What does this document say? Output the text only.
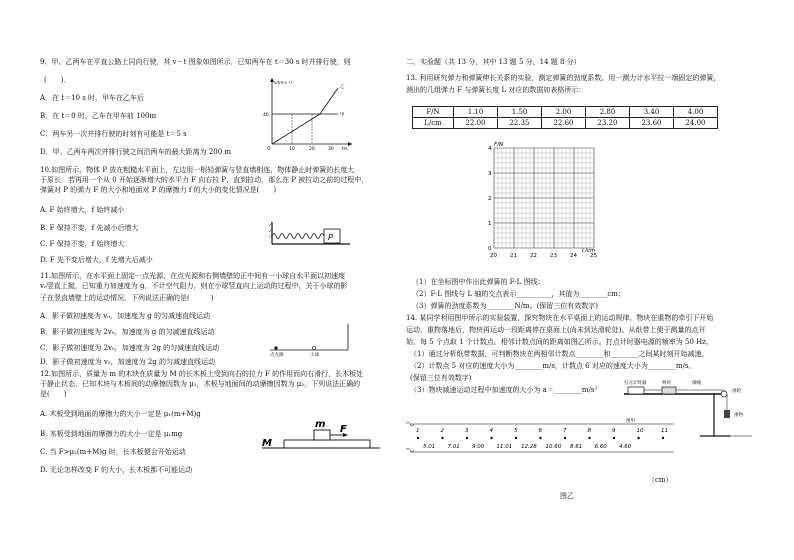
9、甲、乙两车在平直公路上同向行驶，其 v－t 图象如图所示．已知两车在 t＝30 s 时并排行驶，则
(　　)．
A．在 t＝10 s 时，甲车在乙车后
B．在 t＝0 时，乙车在甲车前 100m
C．两车另一次并排行驶的时刻有可能是 t＝5 s
D．甲、乙两车两次并排行驶之间沿两车的最大距离为 200 m
v/(m·s⁻¹)
t/s
40
10	20	30
O
乙
甲
10.如图所示，物体 P 放在粗糙水平面上，左边用一根轻弹簧与竖直墙相连，物体静止时弹簧的长度大
于原长．若再用一个从 0 开始逐渐增大的水平力 F 向右拉 P，直到拉动，那么在 P 被拉动之前的过程中，
弹簧对 P 的弹力 F 的大小和地面对 P 的摩擦力 f 的大小的变化情况是(　　)
A. F 始终增大，f 始终减小
B. F 保持不变，f 先减小后增大
C. F 保持不变，f 始终增大
D. F 先不变后增大，f 先增大后减小
P
11.如图所示，在水平面上固定一点光源，在点光源和右侧墙壁的正中间有一小球自水平面以初速度
v₀竖直上抛，已知重力加速度为 g，不计空气阻力，则在小球竖直向上运动的过程中，关于小球的影
子在竖直墙壁上的运动情况，下列说法正确的是(　　　)
A．影子做初速度为 v₀，加速度为 g 的匀减速直线运动
B．影子做初速度为 2v₀，加速度为 g 的匀减速直线运动
C．影子做初速度为 2v₀，加速度为 2g 的匀减速直线运动
D．影子做初速度为 v₀，加速度为 2g 的匀减速直线运动
点光源	小球
12.如图所示，质量为 m 的木块在质量为 M 的长木板上受到向右的拉力 F 的作用而向右滑行，长木板处
于静止状态，已知木块与木板间的动摩擦因数为 μ₁，木板与地面间的动摩擦因数为 μ₂，下列说法正确的
是(　　)
A. 木板受到地面的摩擦力的大小一定是 μ₁(m+M)g
B. 木板受到地面的摩擦力的大小一定是 μ₁mg
C. 当 F>μ₂(m+M)g 时，长木板便会开始运动
D. 无论怎样改变 F 的大小，长木板都不可能运动
m F
M
二、实验题（共 13 分，其中 13 题 5 分，14 题 8 分）
13. 利用研究弹力和弹簧伸长关系的实验，测定弹簧的劲度系数。用一测力计水平拉一端固定的弹簧，
测出的几组弹力 F 与弹簧长度 L 对应的数据如表格所示：
F/N	1.10	1.50	2.00	2.80	3.40	4.00
L/cm	22.00	22.35	22.60	23.20	23.60	24.00
F/N
L/cm
0
1
2
3
4
20 21 22 23 24 25
（1）在坐标图中作出此弹簧的 F-L 图线；
（2）F-L 图线与 L 轴的交点表示__________，其值为________cm；
（3）弹簧的劲度系数为________N/m。(保留三位有效数字)
14. 某同学利用图甲所示的实验装置，探究物块在水平桌面上的运动规律。物块在重物的牵引下开始
运动，重物落地后，物块再运动一段距离停在桌面上(尚未到达滑轮处)。从纸带上便于测量的点开
始，每 5 个点取 1 个计数点，相邻计数点间的距离如图乙所示。打点计时器电源的频率为 50 Hz。
（1）通过分析纸带数据，可判断物块在两相邻计数点________和________之间某时刻开始减速。
（2）计数点 5 对应的速度大小为________m/s，计数点 6 对应的速度大小为________m/s。
(保留三位有效数字)
（3）物块减速运动过程中加速度的大小为 a＝________m/s²
打点计时器	物块	细绳
滑轮
重物
图甲
1	2	3	4	5	6	7	8	9	10	11
5.01 7.01 9.00 11.01 12.28 10.60 8.61 6.60 4.60
（cm）
图乙
